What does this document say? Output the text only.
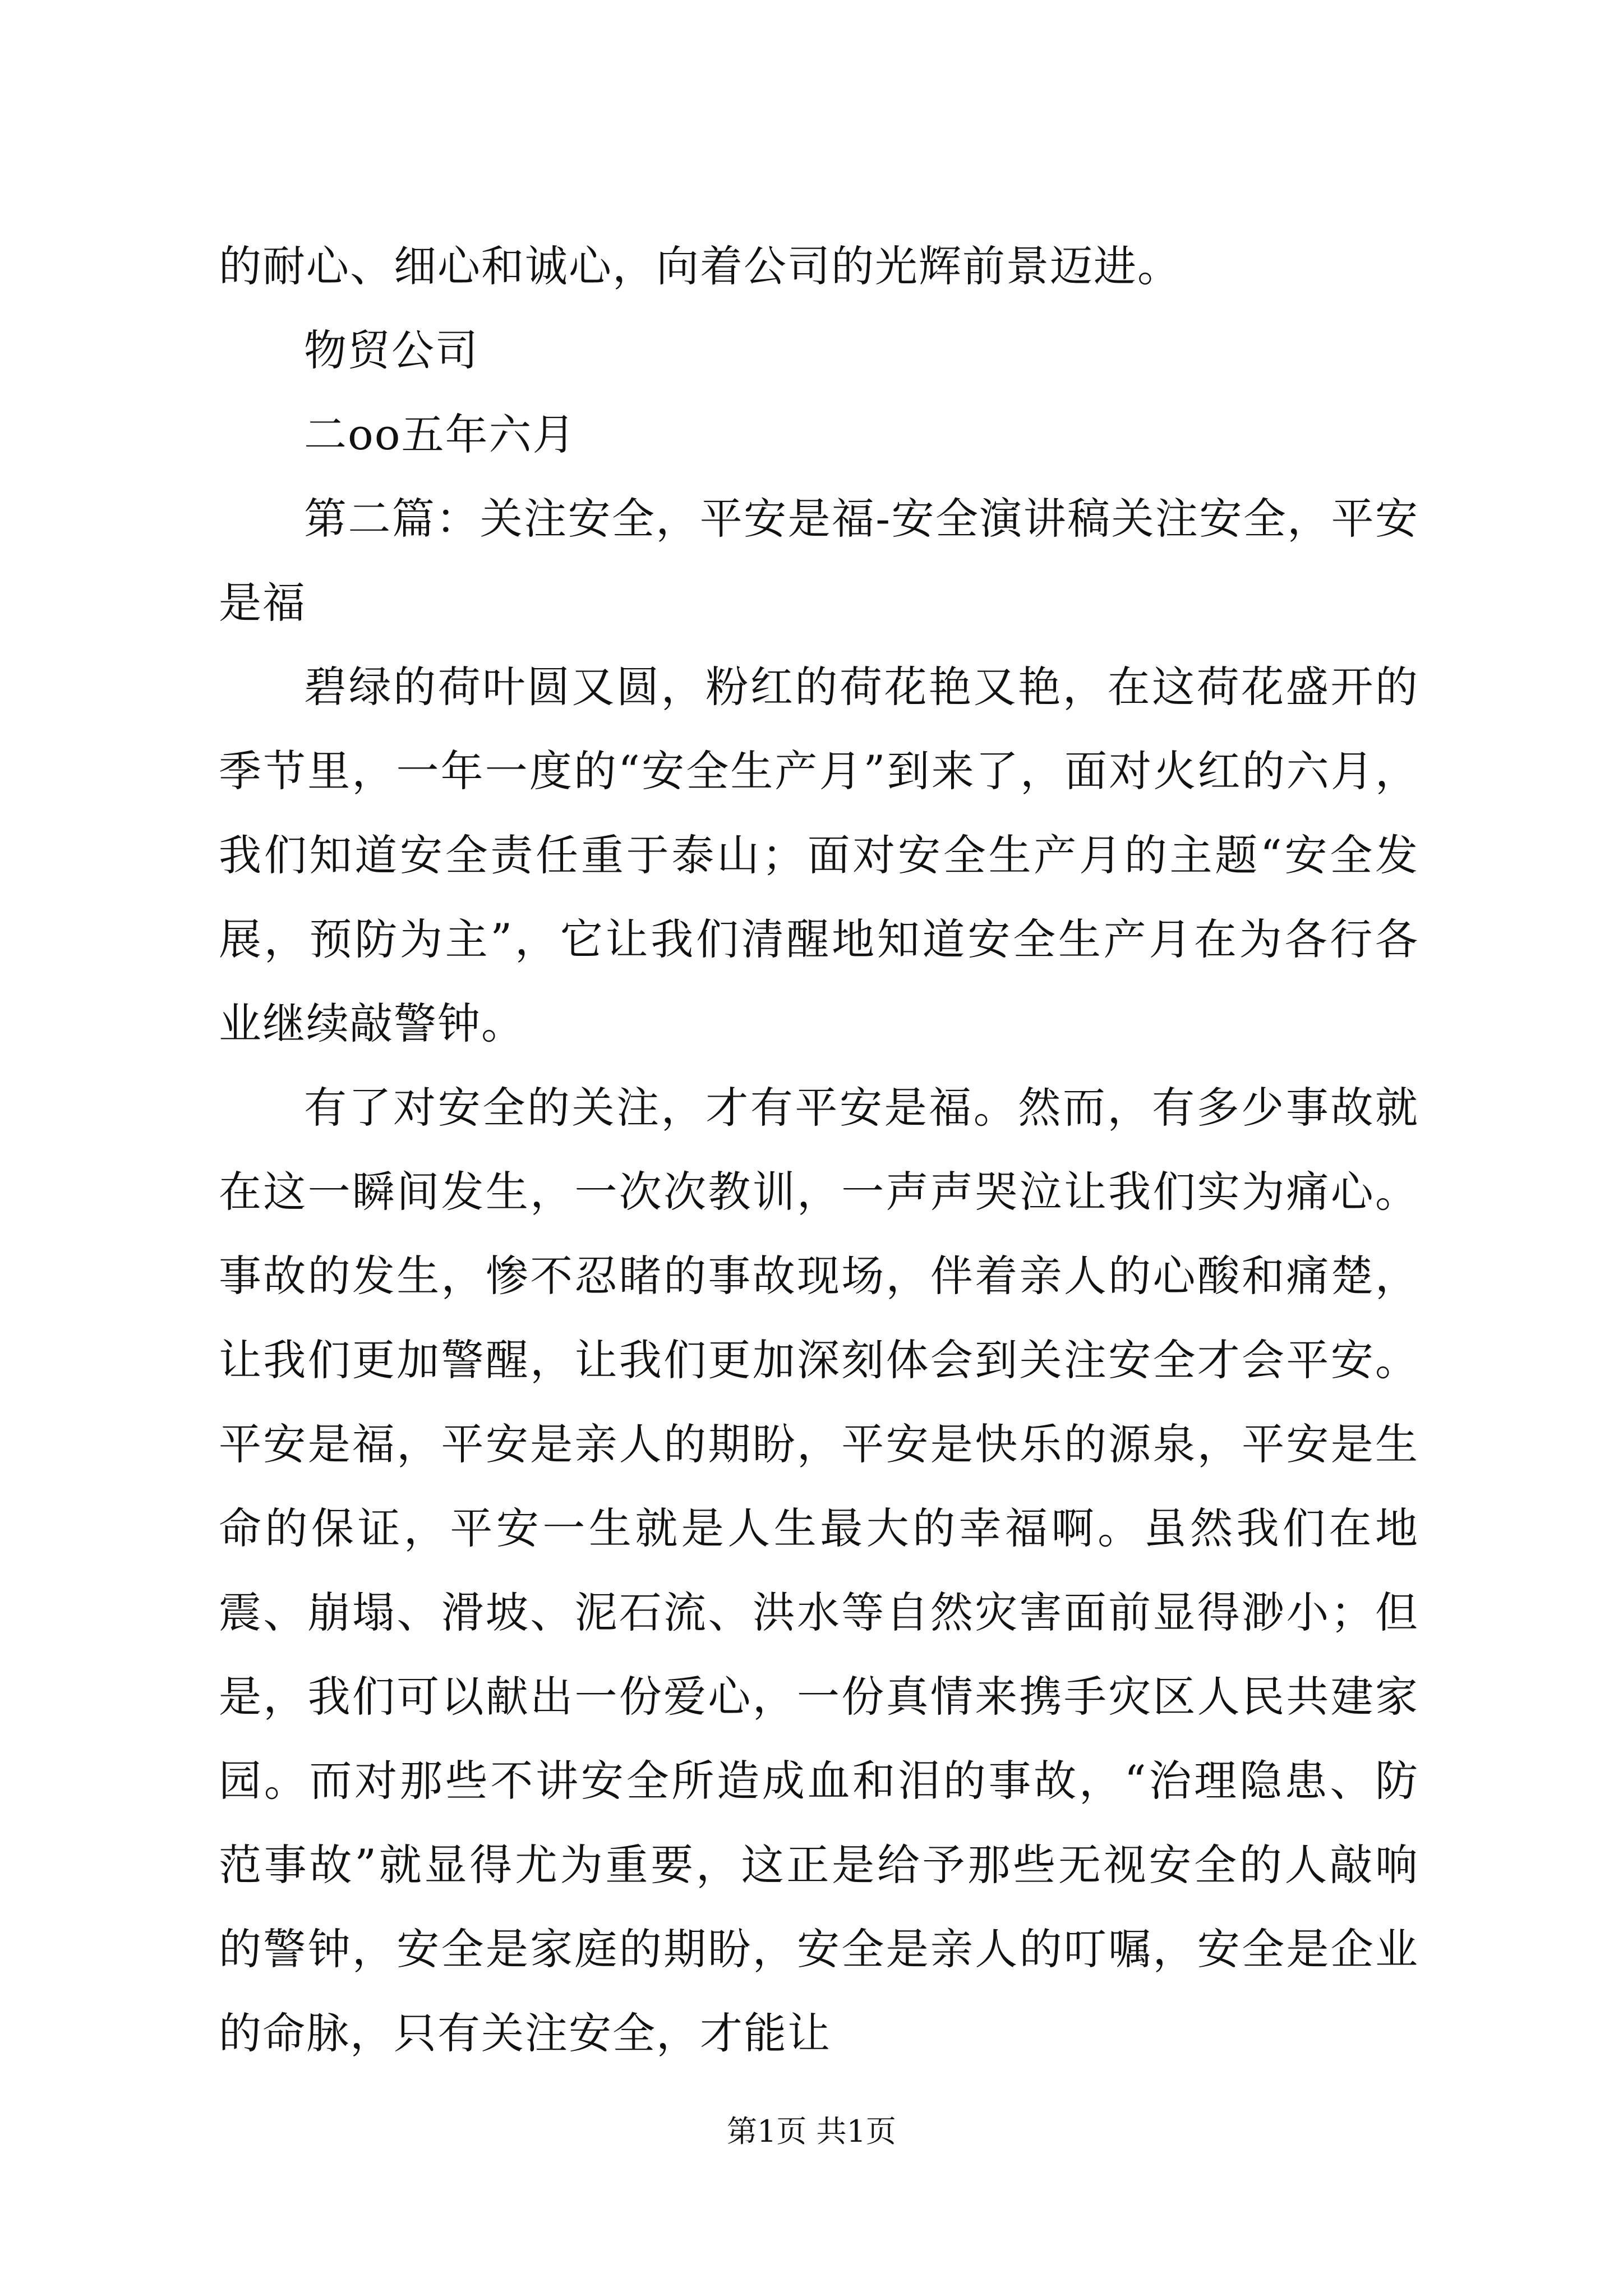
的耐心、细心和诚心，向着公司的光辉前景迈进。

物贸公司

二oo五年六月

第二篇：关注安全，平安是福-安全演讲稿关注安全，平安是福

碧绿的荷叶圆又圆，粉红的荷花艳又艳，在这荷花盛开的季节里，一年一度的“安全生产月”到来了，面对火红的六月，我们知道安全责任重于泰山；面对安全生产月的主题“安全发展，预防为主”，它让我们清醒地知道安全生产月在为各行各业继续敲警钟。

有了对安全的关注，才有平安是福。然而，有多少事故就在这一瞬间发生，一次次教训，一声声哭泣让我们实为痛心。事故的发生，惨不忍睹的事故现场，伴着亲人的心酸和痛楚，让我们更加警醒，让我们更加深刻体会到关注安全才会平安。平安是福，平安是亲人的期盼，平安是快乐的源泉，平安是生命的保证，平安一生就是人生最大的幸福啊。虽然我们在地震、崩塌、滑坡、泥石流、洪水等自然灾害面前显得渺小；但是，我们可以献出一份爱心，一份真情来携手灾区人民共建家园。而对那些不讲安全所造成血和泪的事故，“治理隐患、防范事故”就显得尤为重要，这正是给予那些无视安全的人敲响的警钟，安全是家庭的期盼，安全是亲人的叮嘱，安全是企业的命脉，只有关注安全，才能让

第1页 共1页
